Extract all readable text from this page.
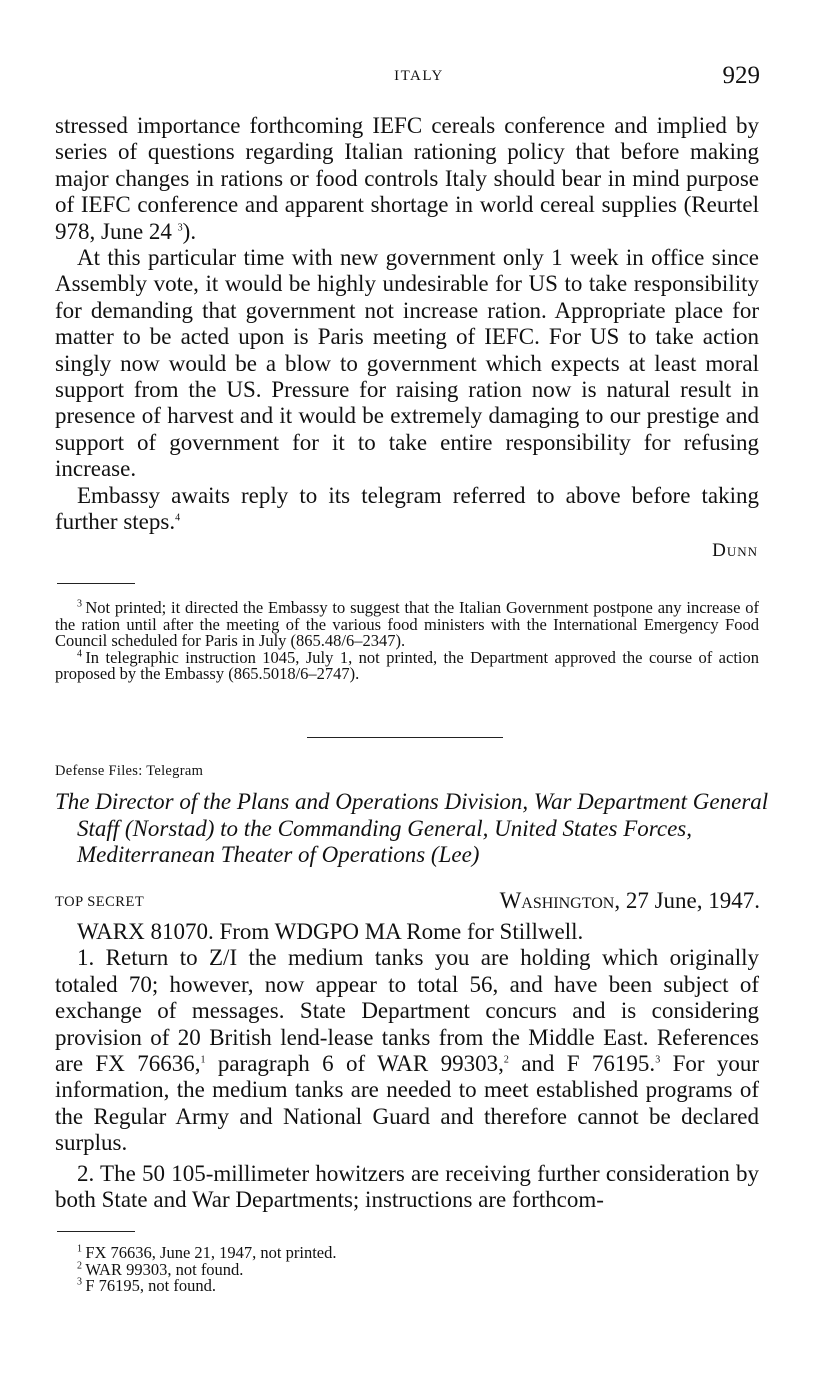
ITALY	929

stressed importance forthcoming IEFC cereals conference and implied by series of questions regarding Italian rationing policy that before making major changes in rations or food controls Italy should bear in mind purpose of IEFC conference and apparent shortage in world cereal supplies (Reurtel 978, June 24 $^3$).

At this particular time with new government only 1 week in office since Assembly vote, it would be highly undesirable for US to take responsibility for demanding that government not increase ration. Appropriate place for matter to be acted upon is Paris meeting of IEFC. For US to take action singly now would be a blow to government which expects at least moral support from the US. Pressure for raising ration now is natural result in presence of harvest and it would be extremely damaging to our prestige and support of government for it to take entire responsibility for refusing increase.

Embassy awaits reply to its telegram referred to above before taking further steps.$^4$

Dunn

$^3$  Not printed; it directed the Embassy to suggest that the Italian Government postpone any increase of the ration until after the meeting of the various food ministers with the International Emergency Food Council scheduled for Paris in July (865.48/6–2347).

$^4$  In telegraphic instruction 1045, July 1, not printed, the Department approved the course of action proposed by the Embassy (865.5018/6–2747).

Defense Files: Telegram
The Director of the Plans and Operations Division, War Department General Staff (Norstad) to the Commanding General, United States Forces, Mediterranean Theater of Operations (Lee)
TOP SECRET	Washington, 27 June, 1947.

WARX 81070. From WDGPO MA Rome for Stillwell.

1. Return to Z/I the medium tanks you are holding which originally totaled 70; however, now appear to total 56, and have been subject of exchange of messages. State Department concurs and is considering provision of 20 British lend-lease tanks from the Middle East. References are FX 76636,$^1$ paragraph 6 of WAR 99303,$^2$ and F 76195.$^3$ For your information, the medium tanks are needed to meet established programs of the Regular Army and National Guard and therefore cannot be declared surplus.

2. The 50 105-millimeter howitzers are receiving further consideration by both State and War Departments; instructions are forthcom-

$^1$  FX 76636, June 21, 1947, not printed.

$^2$  WAR 99303, not found.

$^3$  F 76195, not found.
